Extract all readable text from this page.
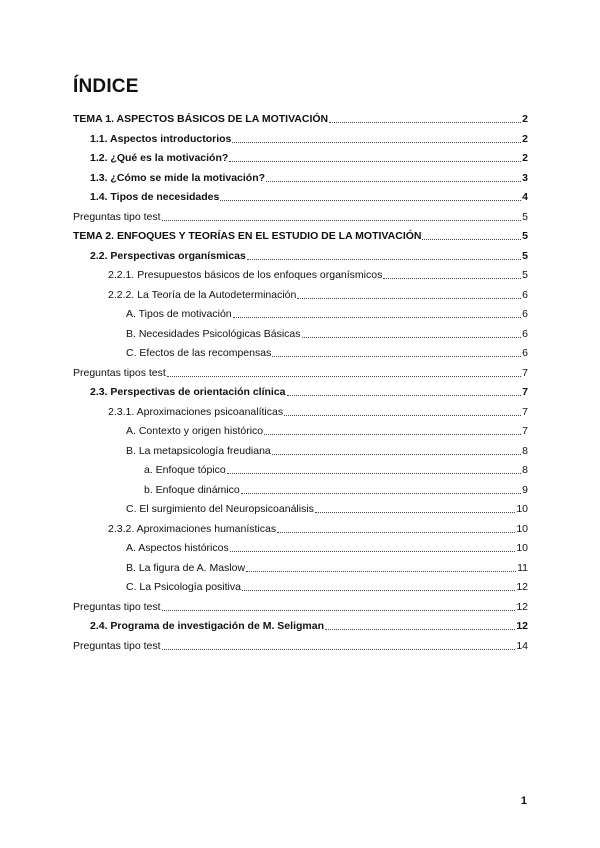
ÍNDICE
TEMA 1. ASPECTOS BÁSICOS DE LA MOTIVACIÓN	2
1.1. Aspectos introductorios	2
1.2. ¿Qué es la motivación?	2
1.3. ¿Cómo se mide la motivación?	3
1.4. Tipos de necesidades	4
Preguntas tipo test	5
TEMA 2. ENFOQUES Y TEORÍAS EN EL ESTUDIO DE LA MOTIVACIÓN	5
2.2. Perspectivas organísmicas	5
2.2.1. Presupuestos básicos de los enfoques organísmicos	5
2.2.2. La Teoría de la Autodeterminación	6
A. Tipos de motivación	6
B. Necesidades Psicológicas Básicas	6
C. Efectos de las recompensas	6
Preguntas tipos test	7
2.3. Perspectivas de orientación clínica	7
2.3.1. Aproximaciones psicoanalíticas	7
A. Contexto y origen histórico	7
B. La metapsicología freudiana	8
a. Enfoque tópico	8
b. Enfoque dinámico	9
C. El surgimiento del Neuropsicoanálisis	10
2.3.2. Aproximaciones humanísticas	10
A. Aspectos históricos	10
B. La figura de A. Maslow	11
C. La Psicología positiva	12
Preguntas tipo test	12
2.4. Programa de investigación de M. Seligman	12
Preguntas tipo test	14
1
